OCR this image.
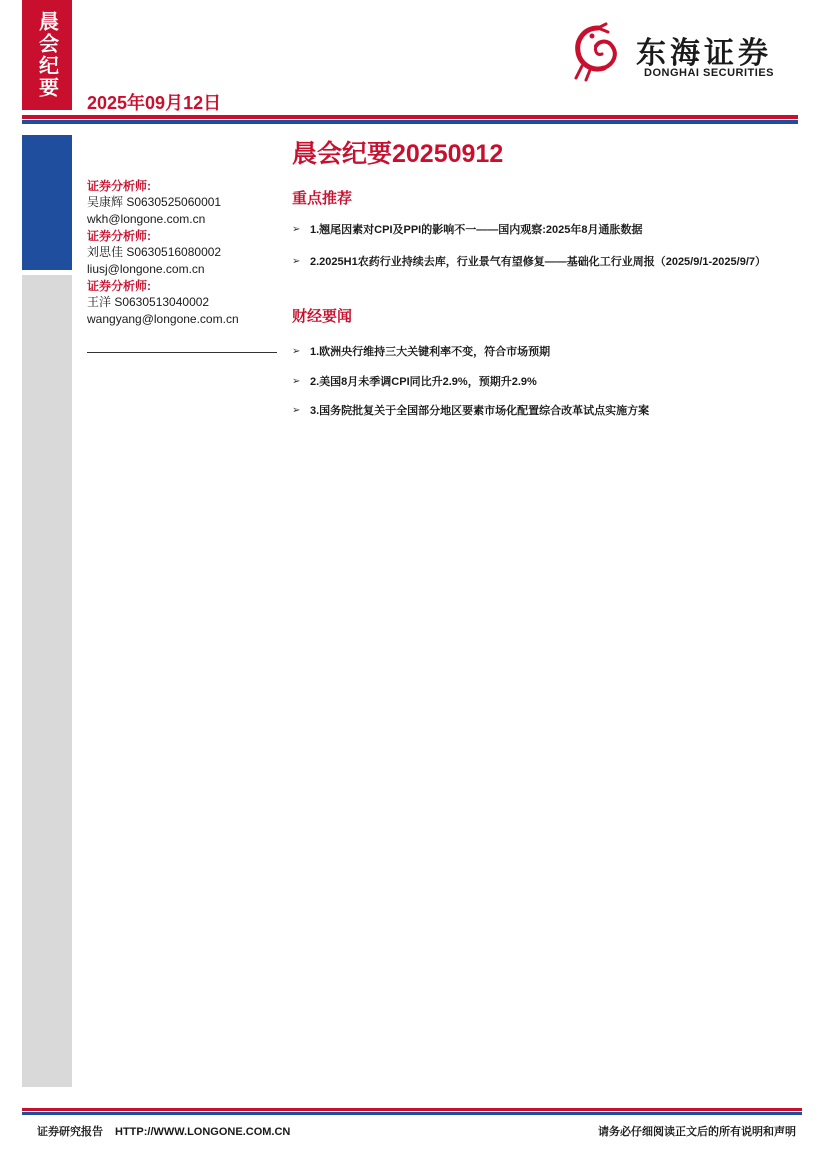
晨会纪要
2025年09月12日
东海证券
DONGHAI SECURITIES
证券分析师:
吴康辉 S0630525060001
wkh@longone.com.cn
证券分析师:
刘思佳 S0630516080002
liusj@longone.com.cn
证券分析师:
王洋 S0630513040002
wangyang@longone.com.cn
晨会纪要20250912
重点推荐
➢ 1.翘尾因素对CPI及PPI的影响不一——国内观察:2025年8月通胀数据
➢ 2.2025H1农药行业持续去库，行业景气有望修复——基础化工行业周报（2025/9/1-2025/9/7）
财经要闻
➢ 1.欧洲央行维持三大关键利率不变，符合市场预期
➢ 2.美国8月未季调CPI同比升2.9%，预期升2.9%
➢ 3.国务院批复关于全国部分地区要素市场化配置综合改革试点实施方案
证券研究报告 HTTP://WWW.LONGONE.COM.CN	请务必仔细阅读正文后的所有说明和声明
